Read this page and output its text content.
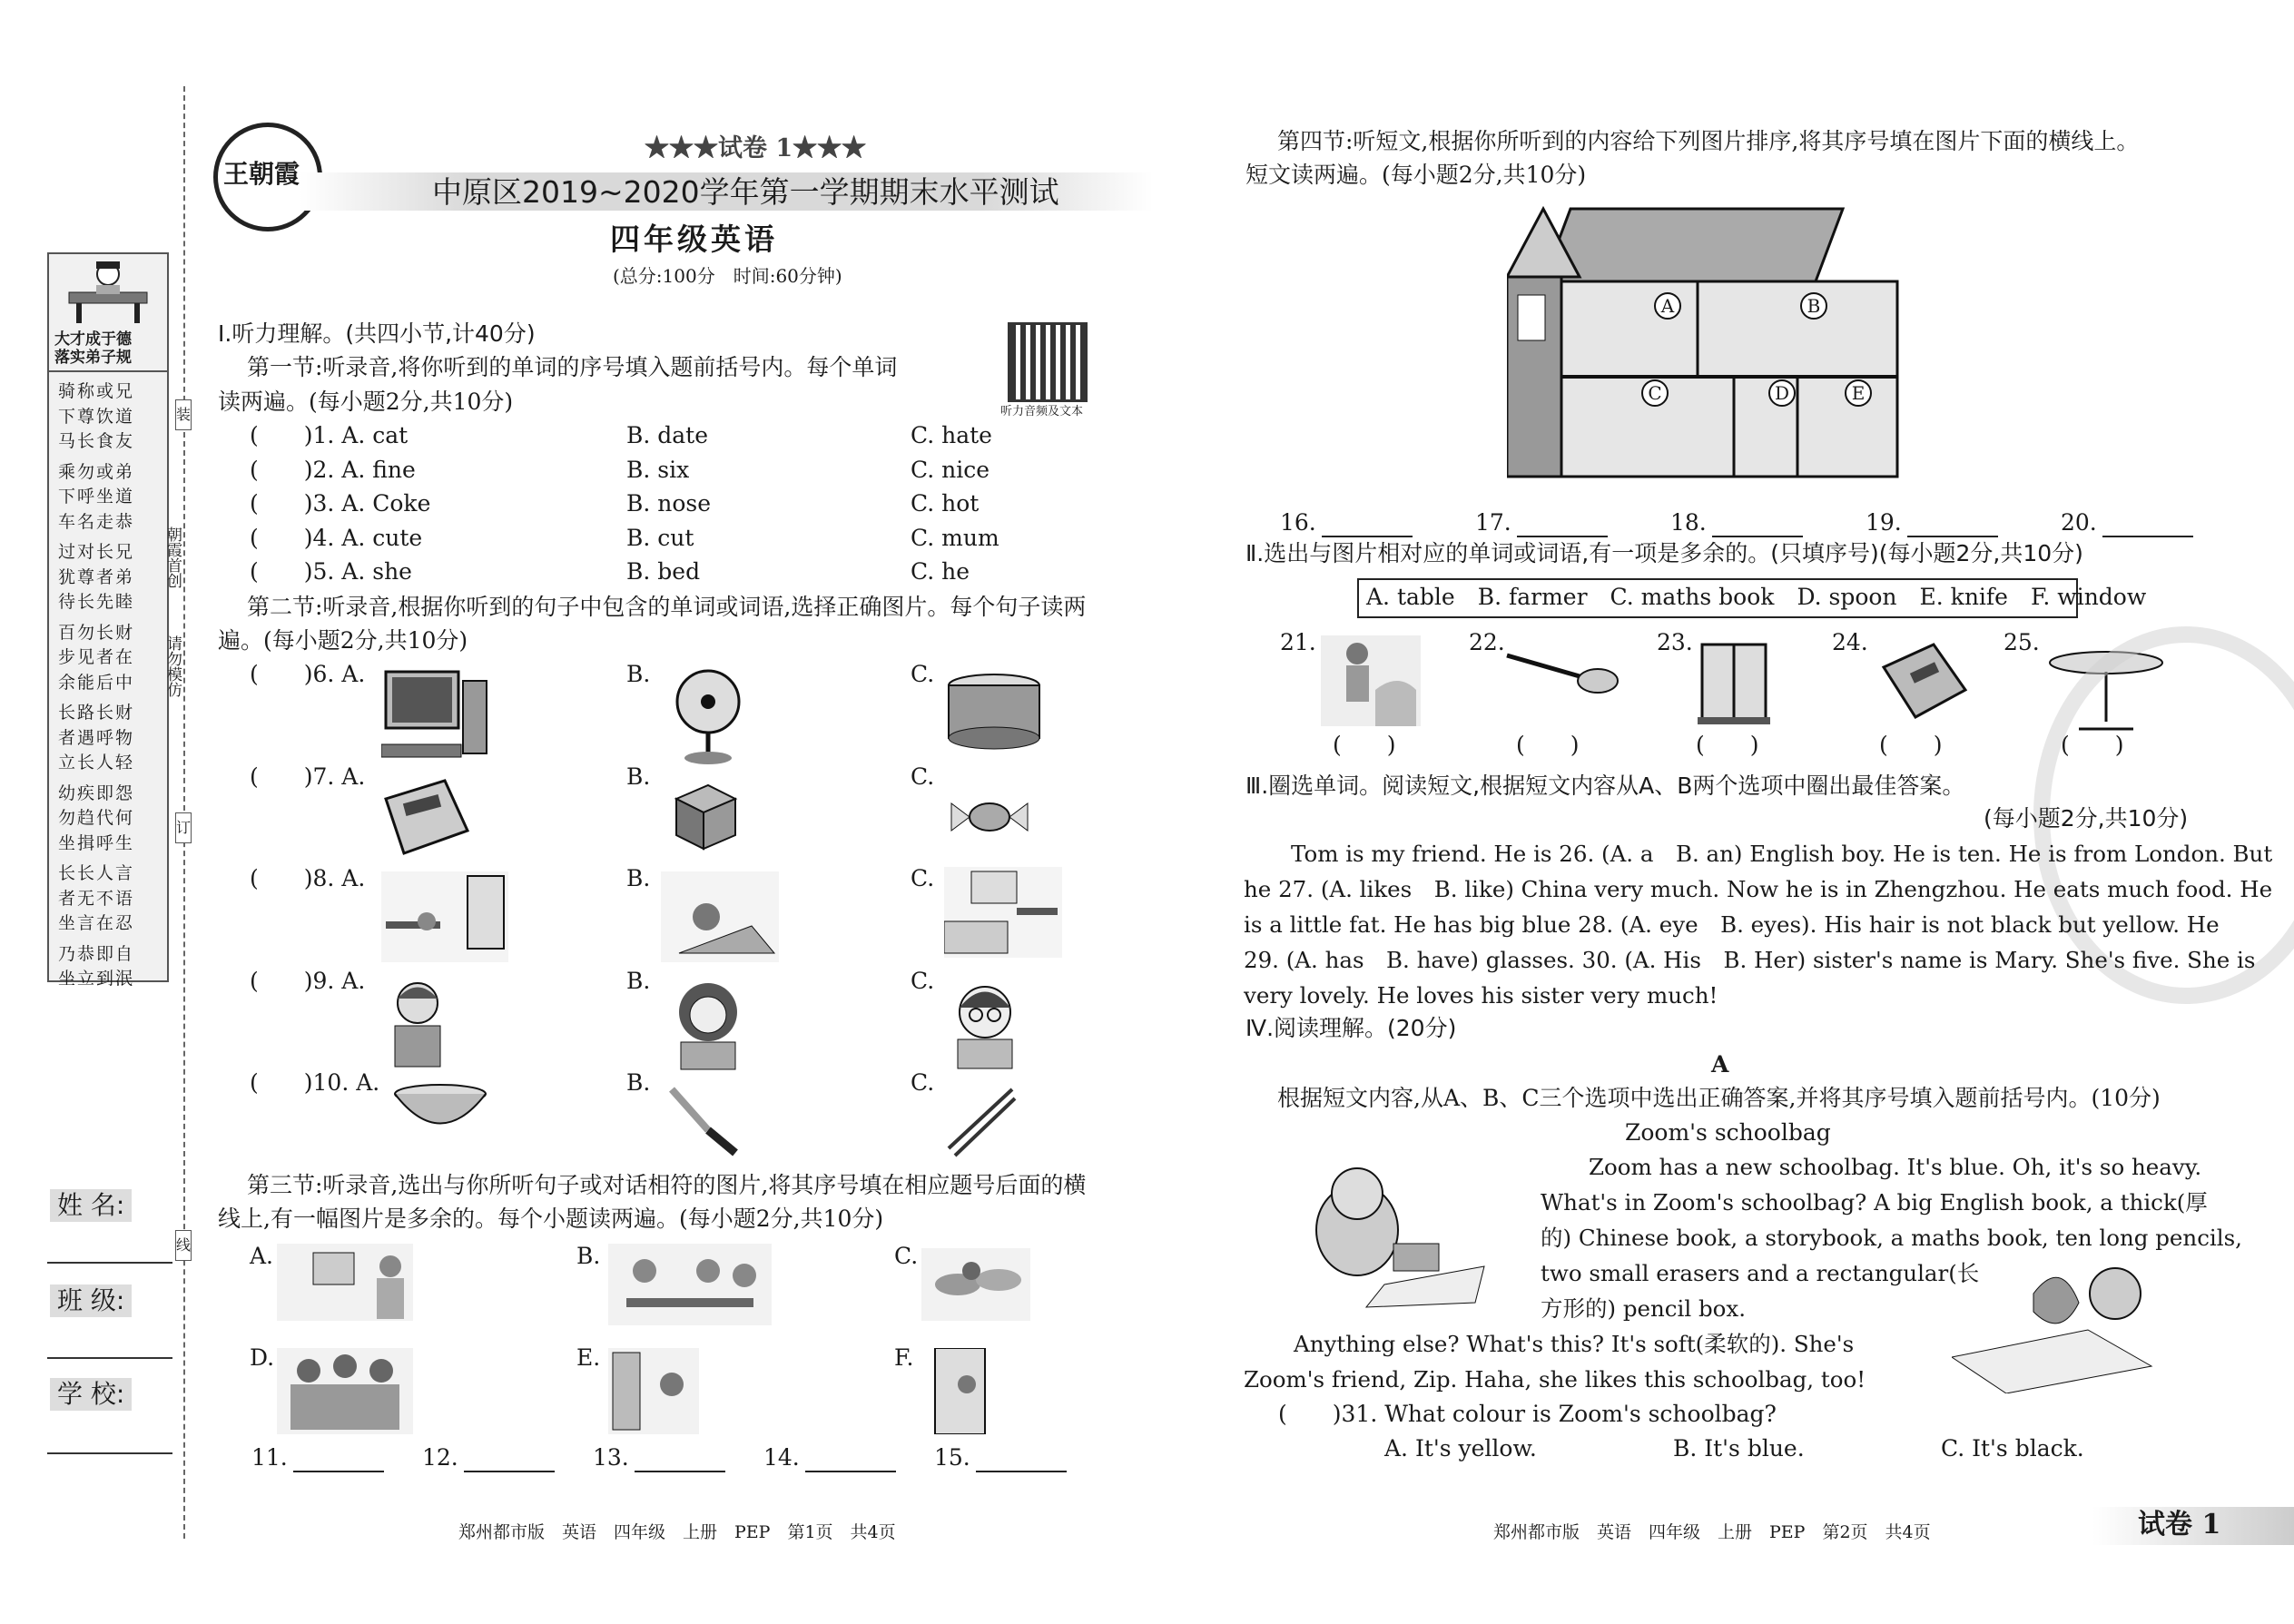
大才成于德
落实弟子规
骑称或兄
下尊饮道
马长食友
乘勿或弟
下呼坐道
车名走恭
过对长兄
犹尊者弟
待长先睦
百勿长财
步见者在
余能后中
长路长财
者遇呼物
立长人轻
幼疾即怨
勿趋代何
坐揖呼生
长长人言
者无不语
坐言在忍
乃恭即自
坐立到泯
朝霞首创
请勿模仿
装
订
线
姓 名:
班 级:
学 校:
王朝霞
★★★试卷 1★★★
中原区2019~2020学年第一学期期末水平测试
四年级英语
(总分:100分　时间:60分钟)
听力音频及文本
Ⅰ.听力理解。(共四小节,计40分)
第一节:听录音,将你听到的单词的序号填入题前括号内。每个单词
读两遍。(每小题2分,共10分)
(　　)1. A. cat	B. date	C. hate
(　　)2. A. fine	B. six	C. nice
(　　)3. A. Coke	B. nose	C. hot
(　　)4. A. cute	B. cut	C. mum
(　　)5. A. she	B. bed	C. he
第二节:听录音,根据你听到的句子中包含的单词或词语,选择正确图片。每个句子读两
遍。(每小题2分,共10分)
(　　)6. A.	B.	C.
(　　)7. A.	B.	C.
(　　)8. A.	B.	C.
(　　)9. A.	B.	C.
(　　)10. A.	B.	C.
第三节:听录音,选出与你所听句子或对话相符的图片,将其序号填在相应题号后面的横
线上,有一幅图片是多余的。每个小题读两遍。(每小题2分,共10分)
A.	B.	C.
D.	E.	F.
11.	12.	13.	14.	15.
第四节:听短文,根据你所听到的内容给下列图片排序,将其序号填在图片下面的横线上。
短文读两遍。(每小题2分,共10分)
A	B
C	D	E
16.	17.	18.	19.	20.
Ⅱ.选出与图片相对应的单词或词语,有一项是多余的。(只填序号)(每小题2分,共10分)
A. table　B. farmer　C. maths book　D. spoon　E. knife　F. window
21.	22.	23.	24.	25.
(　　)	(　　)	(　　)	(　　)	(　　)
Ⅲ.圈选单词。阅读短文,根据短文内容从A、B两个选项中圈出最佳答案。
(每小题2分,共10分)
Tom is my friend. He is 26. (A. a　B. an) English boy. He is ten. He is from London. But
he 27. (A. likes　B. like) China very much. Now he is in Zhengzhou. He eats much food. He
is a little fat. He has big blue 28. (A. eye　B. eyes). His hair is not black but yellow. He
29. (A. has　B. have) glasses. 30. (A. His　B. Her) sister's name is Mary. She's five. She is
very lovely. He loves his sister very much!
Ⅳ.阅读理解。(20分)
A
根据短文内容,从A、B、C三个选项中选出正确答案,并将其序号填入题前括号内。(10分)
Zoom's schoolbag
Zoom has a new schoolbag. It's blue. Oh, it's so heavy.
What's in Zoom's schoolbag? A big English book, a thick(厚
的) Chinese book, a storybook, a maths book, ten long pencils,
two small erasers and a rectangular(长
方形的) pencil box.
Anything else? What's this? It's soft(柔软的). She's
Zoom's friend, Zip. Haha, she likes this schoolbag, too!
(　　)31. What colour is Zoom's schoolbag?
A. It's yellow.	B. It's blue.	C. It's black.
郑州都市版　英语　四年级　上册　PEP　第1页　共4页	郑州都市版　英语　四年级　上册　PEP　第2页　共4页	试卷 1
